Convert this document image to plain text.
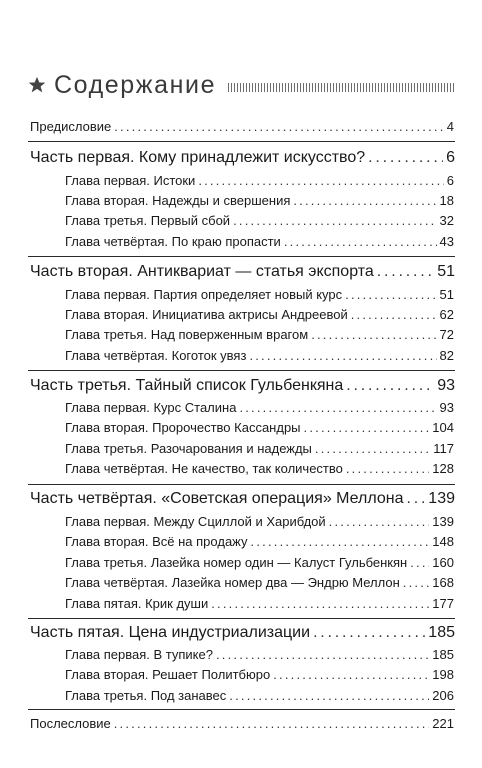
Содержание
Предисловие .....	4
Часть первая. Кому принадлежит искусство? .....	6
Глава первая. Истоки .....	6
Глава вторая. Надежды и свершения .....	18
Глава третья. Первый сбой .....	32
Глава четвёртая. По краю пропасти .....	43
Часть вторая. Антиквариат — статья экспорта .....	51
Глава первая. Партия определяет новый курс .....	51
Глава вторая. Инициатива актрисы Андреевой .....	62
Глава третья. Над поверженным врагом .....	72
Глава четвёртая. Коготок увяз .....	82
Часть третья. Тайный список Гульбенкяна .....	93
Глава первая. Курс Сталина .....	93
Глава вторая. Пророчество Кассандры .....	104
Глава третья. Разочарования и надежды .....	117
Глава четвёртая. Не качество, так количество .....	128
Часть четвёртая. «Советская операция» Меллона ..... 139
Глава первая. Между Сциллой и Харибдой .....	139
Глава вторая. Всё на продажу .....	148
Глава третья. Лазейка номер один — Калуст Гульбенкян ..... 160
Глава четвёртая. Лазейка номер два — Эндрю Меллон .....	168
Глава пятая. Крик души .....	177
Часть пятая. Цена индустриализации .....	185
Глава первая. В тупике? .....	185
Глава вторая. Решает Политбюро .....	198
Глава третья. Под занавес .....	206
Послесловие .....	221
